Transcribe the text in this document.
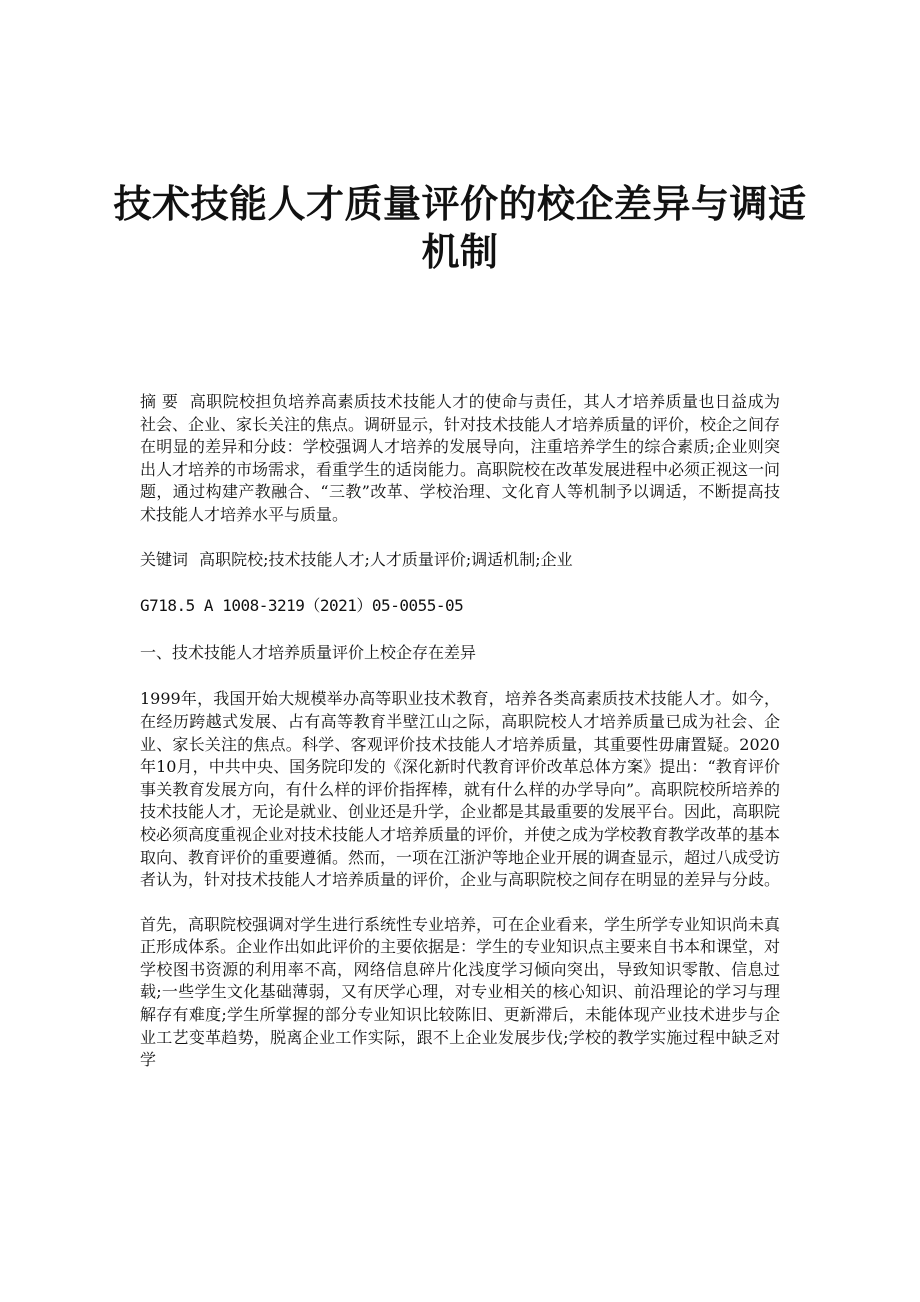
技术技能人才质量评价的校企差异与调适机制

摘 要 高职院校担负培养高素质技术技能人才的使命与责任，其人才培养质量也日益成为社会、企业、家长关注的焦点。调研显示，针对技术技能人才培养质量的评价，校企之间存在明显的差异和分歧：学校强调人才培养的发展导向，注重培养学生的综合素质;企业则突出人才培养的市场需求，看重学生的适岗能力。高职院校在改革发展进程中必须正视这一问题，通过构建产教融合、“三教”改革、学校治理、文化育人等机制予以调适，不断提高技术技能人才培养水平与质量。

关键词 高职院校;技术技能人才;人才质量评价;调适机制;企业

G718.5 A 1008-3219（2021）05-0055-05

一、技术技能人才培养质量评价上校企存在差异

1999年，我国开始大规模举办高等职业技术教育，培养各类高素质技术技能人才。如今，在经历跨越式发展、占有高等教育半壁江山之际，高职院校人才培养质量已成为社会、企业、家长关注的焦点。科学、客观评价技术技能人才培养质量，其重要性毋庸置疑。2020年10月，中共中央、国务院印发的《深化新时代教育评价改革总体方案》提出：“教育评价事关教育发展方向，有什么样的评价指挥棒，就有什么样的办学导向”。高职院校所培养的技术技能人才，无论是就业、创业还是升学，企业都是其最重要的发展平台。因此，高职院校必须高度重视企业对技术技能人才培养质量的评价，并使之成为学校教育教学改革的基本取向、教育评价的重要遵循。然而，一项在江浙沪等地企业开展的调查显示，超过八成受访者认为，针对技术技能人才培养质量的评价，企业与高职院校之间存在明显的差异与分歧。

首先，高职院校强调对学生进行系统性专业培养，可在企业看来，学生所学专业知识尚未真正形成体系。企业作出如此评价的主要依据是：学生的专业知识点主要来自书本和课堂，对学校图书资源的利用率不高，网络信息碎片化浅度学习倾向突出，导致知识零散、信息过载;一些学生文化基础薄弱，又有厌学心理，对专业相关的核心知识、前沿理论的学习与理解存有难度;学生所掌握的部分专业知识比较陈旧、更新滞后，未能体现产业技术进步与企业工艺变革趋势，脱离企业工作实际，跟不上企业发展步伐;学校的教学实施过程中缺乏对学
